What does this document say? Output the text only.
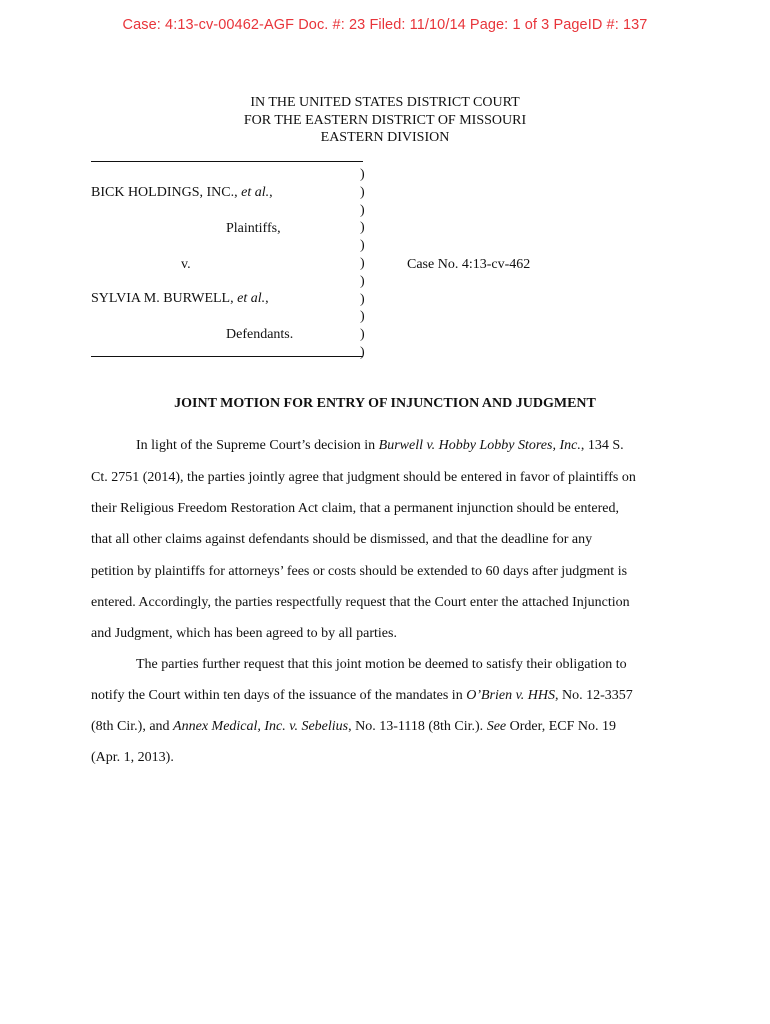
Case: 4:13-cv-00462-AGF Doc. #: 23 Filed: 11/10/14 Page: 1 of 3 PageID #: 137
IN THE UNITED STATES DISTRICT COURT
FOR THE EASTERN DISTRICT OF MISSOURI
EASTERN DIVISION
)
)
)
)
)
)
)
)
)
)
)
BICK HOLDINGS, INC., et al.,
Plaintiffs,
v.	Case No. 4:13-cv-462
SYLVIA M. BURWELL, et al.,
Defendants.
JOINT MOTION FOR ENTRY OF INJUNCTION AND JUDGMENT
In light of the Supreme Court’s decision in Burwell v. Hobby Lobby Stores, Inc., 134 S.
Ct. 2751 (2014), the parties jointly agree that judgment should be entered in favor of plaintiffs on
their Religious Freedom Restoration Act claim, that a permanent injunction should be entered,
that all other claims against defendants should be dismissed, and that the deadline for any
petition by plaintiffs for attorneys’ fees or costs should be extended to 60 days after judgment is
entered. Accordingly, the parties respectfully request that the Court enter the attached Injunction
and Judgment, which has been agreed to by all parties.
The parties further request that this joint motion be deemed to satisfy their obligation to
notify the Court within ten days of the issuance of the mandates in O’Brien v. HHS, No. 12-3357
(8th Cir.), and Annex Medical, Inc. v. Sebelius, No. 13-1118 (8th Cir.). See Order, ECF No. 19
(Apr. 1, 2013).
